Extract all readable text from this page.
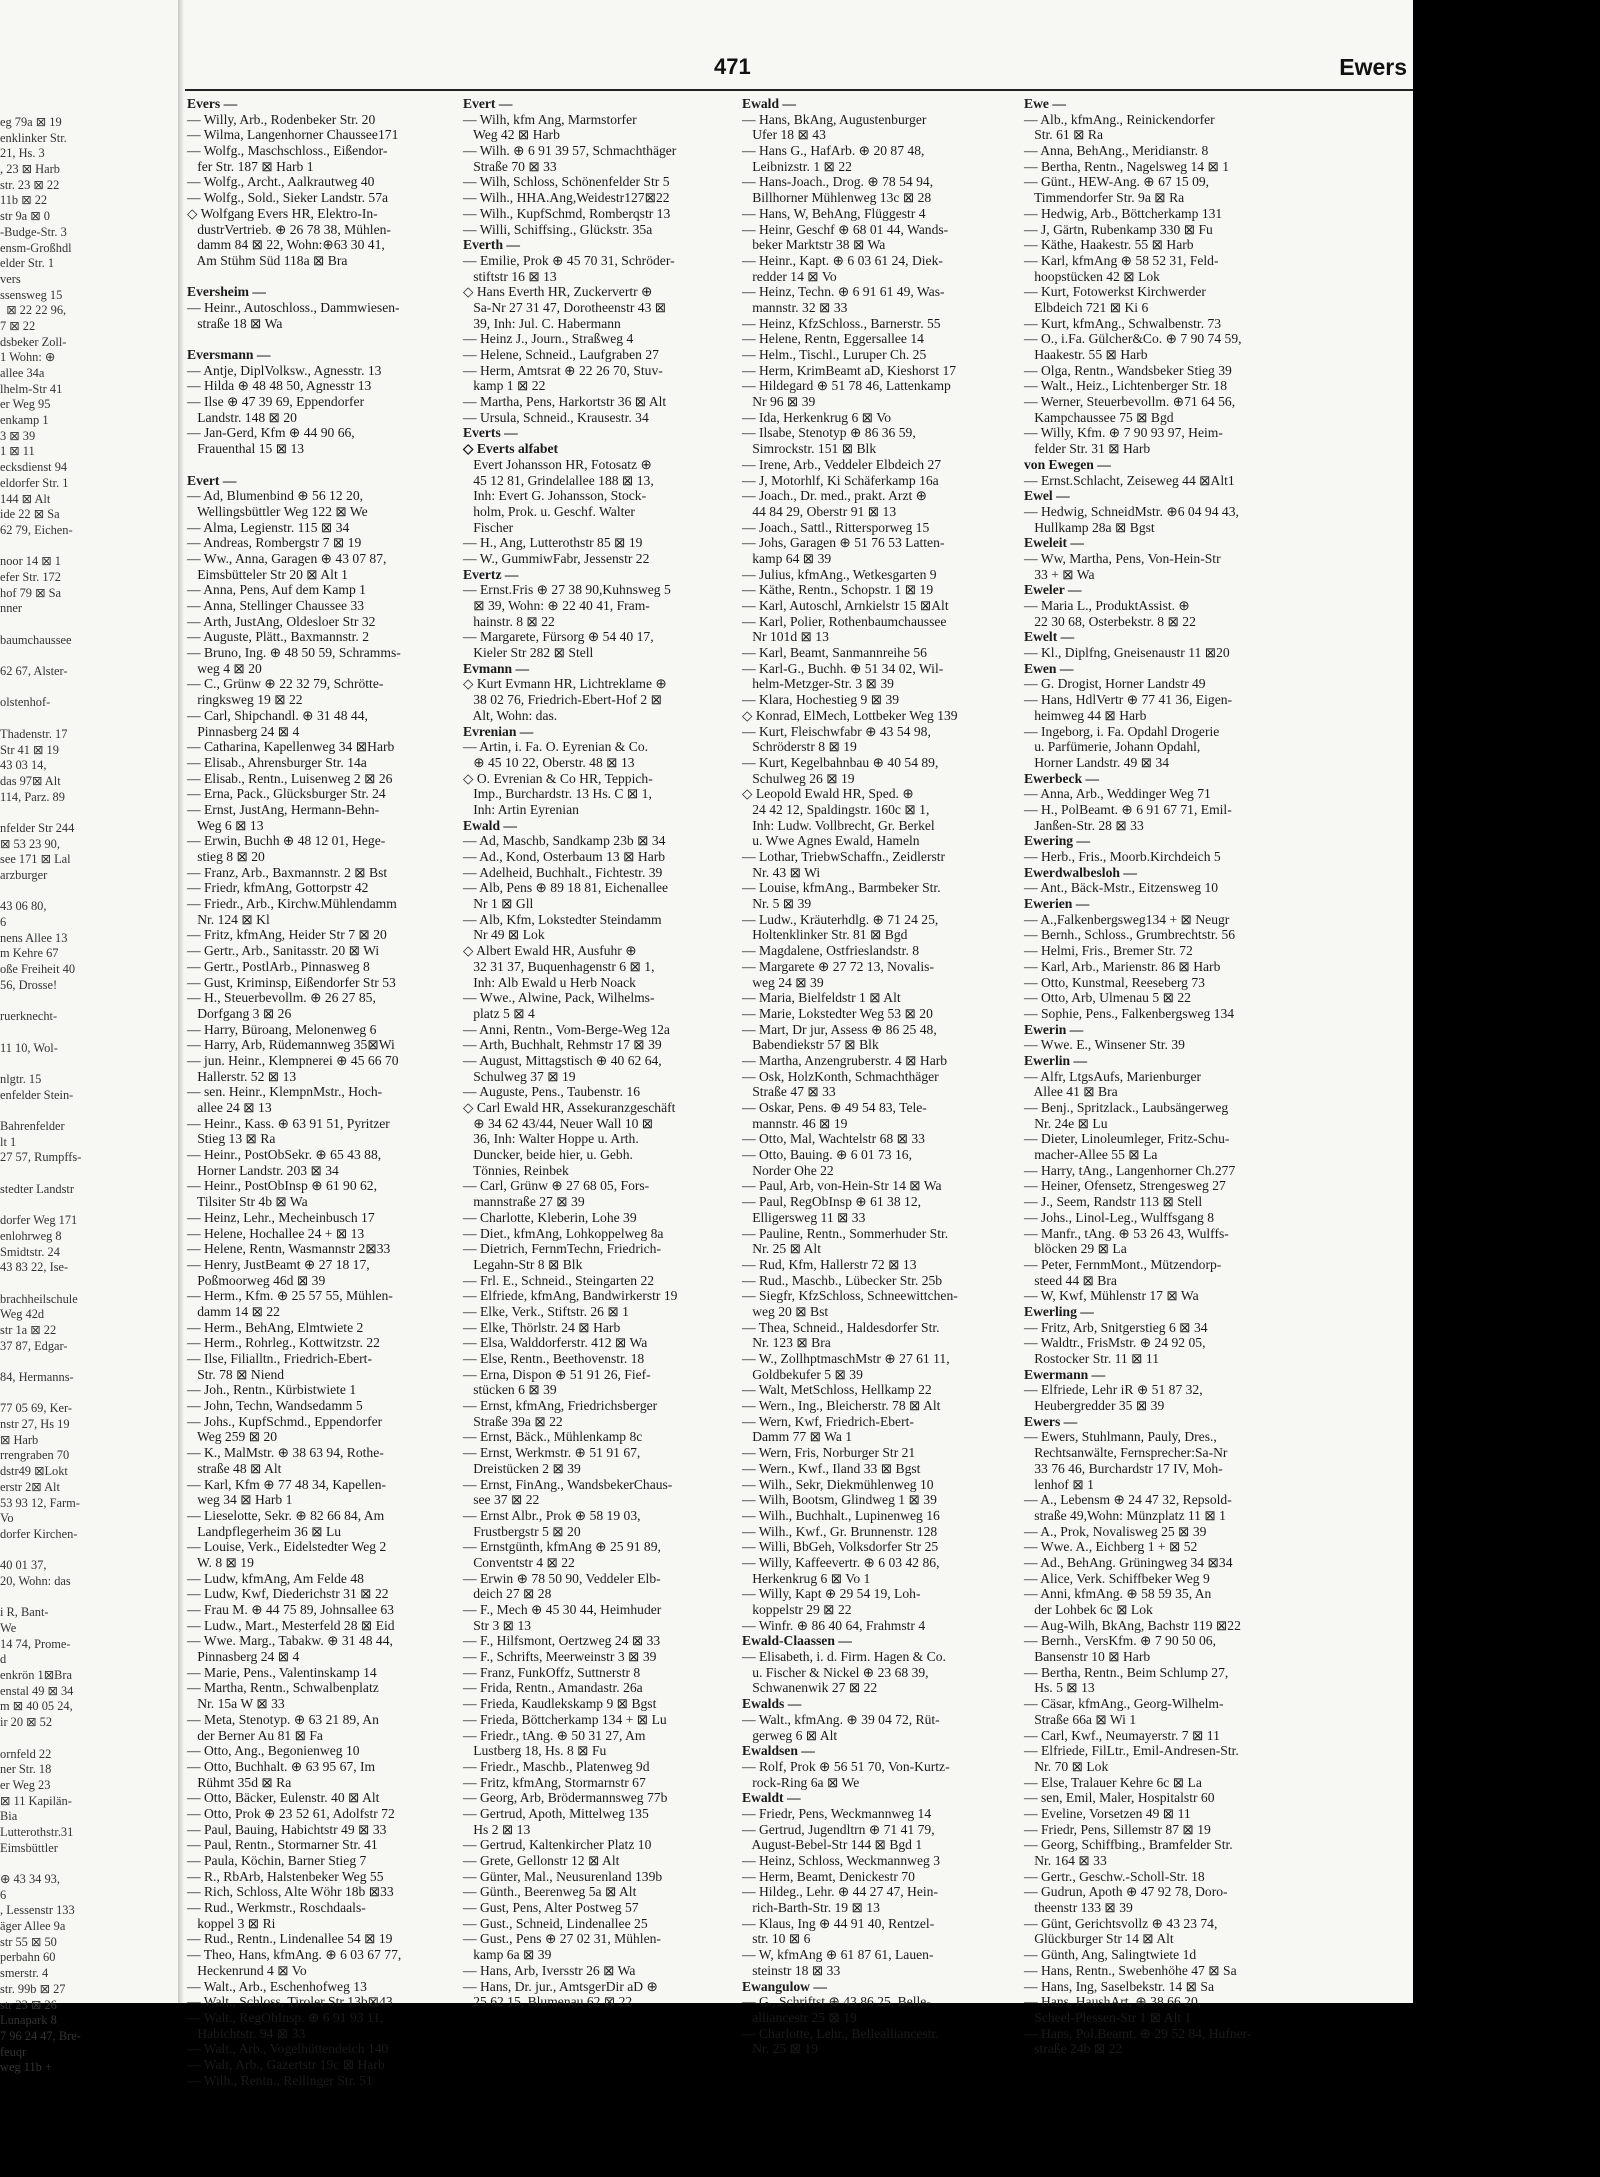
471	Ewers
eg 79a ⊠ 19
enklinker Str.
21, Hs. 3
, 23 ⊠ Harb
str. 23 ⊠ 22
11b ⊠ 22
str 9a ⊠ 0
-Budge-Str. 3
ensm-Großhdl
elder Str. 1
vers
ssensweg 15
⊠ 22 22 96,
7 ⊠ 22
dsbeker Zoll-
1 Wohn: ⊕
allee 34a
lhelm-Str 41
er Weg 95
enkamp 1
3 ⊠ 39
1 ⊠ 11
ecksdienst 94
eldorfer Str. 1
144 ⊠ Alt
ide 22 ⊠ Sa
62 79, Eichen-
noor 14 ⊠ 1
efer Str. 172
hof 79 ⊠ Sa
nner
baumchaussee
62 67, Alster-
olstenhof-
Thadenstr. 17
Str 41 ⊠ 19
43 03 14,
das 97⊠ Alt
114, Parz. 89
nfelder Str 244
⊠ 53 23 90,
see 171 ⊠ Lal
arzburger
43 06 80,
6
nens Allee 13
m Kehre 67
oße Freiheit 40
56, Drosse!
ruerknecht-
11 10, Wol-
nlgtr. 15
enfelder Stein-
Bahrenfelder
lt 1
27 57, Rumpffs-
stedter Landstr
dorfer Weg 171
enlohrweg 8
Smidtstr. 24
43 83 22, Ise-
brachheilschule
Weg 42d
str 1a ⊠ 22
37 87, Edgar-
84, Hermanns-
77 05 69, Ker-
nstr 27, Hs 19
⊠ Harb
rrengraben 70
dstr49 ⊠Lokt
erstr 2⊠ Alt
53 93 12, Farm-
Vo
dorfer Kirchen-
40 01 37,
20, Wohn: das
i R, Bant-
We
14 74, Prome-
d
enkrön 1⊠Bra
enstal 49 ⊠ 34
m ⊠ 40 05 24,
ir 20 ⊠ 52
ornfeld 22
ner Str. 18
er Weg 23
⊠ 11 Kapilän-
Bia
Lutterothstr.31
Eimsbüttler
⊕ 43 34 93,
6
, Lessenstr 133
äger Allee 9a
str 55 ⊠ 50
perbahn 60
smerstr. 4
str. 99b ⊠ 27
str 23 ⊠ 26
Lunapark 8
7 96 24 47, Bre-
feuqr
weg 11b +
Evers —
— Willy, Arb., Rodenbeker Str. 20
— Wilma, Langenhorner Chaussee171
— Wolfg., Maschschloss., Eißendor-
fer Str. 187 ⊠ Harb 1
— Wolfg., Archt., Aalkrautweg 40
— Wolfg., Sold., Sieker Landstr. 57a
◇ Wolfgang Evers HR, Elektro-In-
dustrVertrieb. ⊕ 26 78 38, Mühlen-
damm 84 ⊠ 22, Wohn:⊕63 30 41,
Am Stühm Süd 118a ⊠ Bra
Eversheim —
— Heinr., Autoschloss., Dammwiesen-
straße 18 ⊠ Wa
Eversmann —
— Antje, DiplVolksw., Agnesstr. 13
— Hilda ⊕ 48 48 50, Agnesstr 13
— Ilse ⊕ 47 39 69, Eppendorfer
Landstr. 148 ⊠ 20
— Jan-Gerd, Kfm ⊕ 44 90 66,
Frauenthal 15 ⊠ 13
Evert —
— Ad, Blumenbind ⊕ 56 12 20,
Wellingsbüttler Weg 122 ⊠ We
— Alma, Legienstr. 115 ⊠ 34
— Andreas, Rombergstr 7 ⊠ 19
— Ww., Anna, Garagen ⊕ 43 07 87,
Eimsbütteler Str 20 ⊠ Alt 1
— Anna, Pens, Auf dem Kamp 1
— Anna, Stellinger Chaussee 33
— Arth, JustAng, Oldesloer Str 32
— Auguste, Plätt., Baxmannstr. 2
— Bruno, Ing. ⊕ 48 50 59, Schramms-
weg 4 ⊠ 20
— C., Grünw ⊕ 22 32 79, Schrötte-
ringksweg 19 ⊠ 22
— Carl, Shipchandl. ⊕ 31 48 44,
Pinnasberg 24 ⊠ 4
— Catharina, Kapellenweg 34 ⊠Harb
— Elisab., Ahrensburger Str. 14a
— Elisab., Rentn., Luisenweg 2 ⊠ 26
— Erna, Pack., Glücksburger Str. 24
— Ernst, JustAng, Hermann-Behn-
Weg 6 ⊠ 13
— Erwin, Buchh ⊕ 48 12 01, Hege-
stieg 8 ⊠ 20
— Franz, Arb., Baxmannstr. 2 ⊠ Bst
— Friedr, kfmAng, Gottorpstr 42
— Friedr., Arb., Kirchw.Mühlendamm
Nr. 124 ⊠ Kl
— Fritz, kfmAng, Heider Str 7 ⊠ 20
— Gertr., Arb., Sanitasstr. 20 ⊠ Wi
— Gertr., PostlArb., Pinnasweg 8
— Gust, Kriminsp, Eißendorfer Str 53
— H., Steuerbevollm. ⊕ 26 27 85,
Dorfgang 3 ⊠ 26
— Harry, Büroang, Melonenweg 6
— Harry, Arb, Rüdemannweg 35⊠Wi
— jun. Heinr., Klempnerei ⊕ 45 66 70
Hallerstr. 52 ⊠ 13
— sen. Heinr., KlempnMstr., Hoch-
allee 24 ⊠ 13
— Heinr., Kass. ⊕ 63 91 51, Pyritzer
Stieg 13 ⊠ Ra
— Heinr., PostObSekr. ⊕ 65 43 88,
Horner Landstr. 203 ⊠ 34
— Heinr., PostObInsp ⊕ 61 90 62,
Tilsiter Str 4b ⊠ Wa
— Heinz, Lehr., Mecheinbusch 17
— Helene, Hochallee 24 + ⊠ 13
— Helene, Rentn, Wasmannstr 2⊠33
— Henry, JustBeamt ⊕ 27 18 17,
Poßmoorweg 46d ⊠ 39
— Herm., Kfm. ⊕ 25 57 55, Mühlen-
damm 14 ⊠ 22
— Herm., BehAng, Elmtwiete 2
— Herm., Rohrleg., Kottwitzstr. 22
— Ilse, Filialltn., Friedrich-Ebert-
Str. 78 ⊠ Niend
— Joh., Rentn., Kürbistwiete 1
— John, Techn, Wandsedamm 5
— Johs., KupfSchmd., Eppendorfer
Weg 259 ⊠ 20
— K., MalMstr. ⊕ 38 63 94, Rothe-
straße 48 ⊠ Alt
— Karl, Kfm ⊕ 77 48 34, Kapellen-
weg 34 ⊠ Harb 1
— Lieselotte, Sekr. ⊕ 82 66 84, Am
Landpflegerheim 36 ⊠ Lu
— Louise, Verk., Eidelstedter Weg 2
W. 8 ⊠ 19
— Ludw, kfmAng, Am Felde 48
— Ludw, Kwf, Diederichstr 31 ⊠ 22
— Frau M. ⊕ 44 75 89, Johnsallee 63
— Ludw., Mart., Mesterfeld 28 ⊠ Eid
— Wwe. Marg., Tabakw. ⊕ 31 48 44,
Pinnasberg 24 ⊠ 4
— Marie, Pens., Valentinskamp 14
— Martha, Rentn., Schwalbenplatz
Nr. 15a W ⊠ 33
— Meta, Stenotyp. ⊕ 63 21 89, An
der Berner Au 81 ⊠ Fa
— Otto, Ang., Begonienweg 10
— Otto, Buchhalt. ⊕ 63 95 67, Im
Rühmt 35d ⊠ Ra
— Otto, Bäcker, Eulenstr. 40 ⊠ Alt
— Otto, Prok ⊕ 23 52 61, Adolfstr 72
— Paul, Bauing, Habichtstr 49 ⊠ 33
— Paul, Rentn., Stormarner Str. 41
— Paula, Köchin, Barner Stieg 7
— R., RbArb, Halstenbeker Weg 55
— Rich, Schloss, Alte Wöhr 18b ⊠33
— Rud., Werkmstr., Roschdaals-
koppel 3 ⊠ Ri
— Rud., Rentn., Lindenallee 54 ⊠ 19
— Theo, Hans, kfmAng. ⊕ 6 03 67 77,
Heckenrund 4 ⊠ Vo
— Walt., Arb., Eschenhofweg 13
— Walt., Schloss, Tiroler Str 13b⊠43
— Walt., RegObInsp. ⊕ 6 91 93 11,
Habichtstr. 94 ⊠ 33
— Walt., Arb., Vogelhüttendeich 140
— Walt, Arb., Gazertstr 19c ⊠ Harb
— Wilh., Rentn., Rellinger Str. 51
Evert —
— Wilh, kfm Ang, Marmstorfer
Weg 42 ⊠ Harb
— Wilh. ⊕ 6 91 39 57, Schmachthäger
Straße 70 ⊠ 33
— Wilh, Schloss, Schönenfelder Str 5
— Wilh., HHA.Ang,Weidestr127⊠22
— Wilh., KupfSchmd, Romberqstr 13
— Willi, Schiffsing., Glückstr. 35a
Everth —
— Emilie, Prok ⊕ 45 70 31, Schröder-
stiftstr 16 ⊠ 13
◇ Hans Everth HR, Zuckervertr ⊕
Sa-Nr 27 31 47, Dorotheenstr 43 ⊠
39, Inh: Jul. C. Habermann
— Heinz J., Journ., Straßweg 4
— Helene, Schneid., Laufgraben 27
— Herm, Amtsrat ⊕ 22 26 70, Stuv-
kamp 1 ⊠ 22
— Martha, Pens, Harkortstr 36 ⊠ Alt
— Ursula, Schneid., Krausestr. 34
Everts —
◇ Everts alfabet
Evert Johansson HR, Fotosatz ⊕
45 12 81, Grindelallee 188 ⊠ 13,
Inh: Evert G. Johansson, Stock-
holm, Prok. u. Geschf. Walter
Fischer
— H., Ang, Lutterothstr 85 ⊠ 19
— W., GummiwFabr, Jessenstr 22
Evertz —
— Ernst.Fris ⊕ 27 38 90,Kuhnsweg 5
⊠ 39, Wohn: ⊕ 22 40 41, Fram-
hainstr. 8 ⊠ 22
— Margarete, Fürsorg ⊕ 54 40 17,
Kieler Str 282 ⊠ Stell
Evmann —
◇ Kurt Evmann HR, Lichtreklame ⊕
38 02 76, Friedrich-Ebert-Hof 2 ⊠
Alt, Wohn: das.
Evrenian —
— Artin, i. Fa. O. Eyrenian & Co.
⊕ 45 10 22, Oberstr. 48 ⊠ 13
◇ O. Evrenian & Co HR, Teppich-
Imp., Burchardstr. 13 Hs. C ⊠ 1,
Inh: Artin Eyrenian
Ewald —
— Ad, Maschb, Sandkamp 23b ⊠ 34
— Ad., Kond, Osterbaum 13 ⊠ Harb
— Adelheid, Buchhalt., Fichtestr. 39
— Alb, Pens ⊕ 89 18 81, Eichenallee
Nr 1 ⊠ Gll
— Alb, Kfm, Lokstedter Steindamm
Nr 49 ⊠ Lok
◇ Albert Ewald HR, Ausfuhr ⊕
32 31 37, Buquenhagenstr 6 ⊠ 1,
Inh: Alb Ewald u Herb Noack
— Wwe., Alwine, Pack, Wilhelms-
platz 5 ⊠ 4
— Anni, Rentn., Vom-Berge-Weg 12a
— Arth, Buchhalt, Rehmstr 17 ⊠ 39
— August, Mittagstisch ⊕ 40 62 64,
Schulweg 37 ⊠ 19
— Auguste, Pens., Taubenstr. 16
◇ Carl Ewald HR, Assekuranzgeschäft
⊕ 34 62 43/44, Neuer Wall 10 ⊠
36, Inh: Walter Hoppe u. Arth.
Duncker, beide hier, u. Gebh.
Tönnies, Reinbek
— Carl, Grünw ⊕ 27 68 05, Fors-
mannstraße 27 ⊠ 39
— Charlotte, Kleberin, Lohe 39
— Diet., kfmAng, Lohkoppelweg 8a
— Dietrich, FernmTechn, Friedrich-
Legahn-Str 8 ⊠ Blk
— Frl. E., Schneid., Steingarten 22
— Elfriede, kfmAng, Bandwirkerstr 19
— Elke, Verk., Stiftstr. 26 ⊠ 1
— Elke, Thörlstr. 24 ⊠ Harb
— Elsa, Walddorferstr. 412 ⊠ Wa
— Else, Rentn., Beethovenstr. 18
— Erna, Dispon ⊕ 51 91 26, Fief-
stücken 6 ⊠ 39
— Ernst, kfmAng, Friedrichsberger
Straße 39a ⊠ 22
— Ernst, Bäck., Mühlenkamp 8c
— Ernst, Werkmstr. ⊕ 51 91 67,
Dreistücken 2 ⊠ 39
— Ernst, FinAng., WandsbekerChaus-
see 37 ⊠ 22
— Ernst Albr., Prok ⊕ 58 19 03,
Frustbergstr 5 ⊠ 20
— Ernstgünth, kfmAng ⊕ 25 91 89,
Conventstr 4 ⊠ 22
— Erwin ⊕ 78 50 90, Veddeler Elb-
deich 27 ⊠ 28
— F., Mech ⊕ 45 30 44, Heimhuder
Str 3 ⊠ 13
— F., Hilfsmont, Oertzweg 24 ⊠ 33
— F., Schrifts, Meerweinstr 3 ⊠ 39
— Franz, FunkOffz, Suttnerstr 8
— Frida, Rentn., Amandastr. 26a
— Frieda, Kaudlekskamp 9 ⊠ Bgst
— Frieda, Böttcherkamp 134 + ⊠ Lu
— Friedr., tAng. ⊕ 50 31 27, Am
Lustberg 18, Hs. 8 ⊠ Fu
— Friedr., Maschb., Platenweg 9d
— Fritz, kfmAng, Stormarnstr 67
— Georg, Arb, Brödermannsweg 77b
— Gertrud, Apoth, Mittelweg 135
Hs 2 ⊠ 13
— Gertrud, Kaltenkircher Platz 10
— Grete, Gellonstr 12 ⊠ Alt
— Günter, Mal., Neusurenland 139b
— Günth., Beerenweg 5a ⊠ Alt
— Gust, Pens, Alter Postweg 57
— Gust., Schneid, Lindenallee 25
— Gust., Pens ⊕ 27 02 31, Mühlen-
kamp 6a ⊠ 39
— Hans, Arb, Iversstr 26 ⊠ Wa
— Hans, Dr. jur., AmtsgerDir aD ⊕
25 62 15, Blumenau 62 ⊠ 22
Ewald —
— Hans, BkAng, Augustenburger
Ufer 18 ⊠ 43
— Hans G., HafArb. ⊕ 20 87 48,
Leibnizstr. 1 ⊠ 22
— Hans-Joach., Drog. ⊕ 78 54 94,
Billhorner Mühlenweg 13c ⊠ 28
— Hans, W, BehAng, Flüggestr 4
— Heinr, Geschf ⊕ 68 01 44, Wands-
beker Marktstr 38 ⊠ Wa
— Heinr., Kapt. ⊕ 6 03 61 24, Diek-
redder 14 ⊠ Vo
— Heinz, Techn. ⊕ 6 91 61 49, Was-
mannstr. 32 ⊠ 33
— Heinz, KfzSchloss., Barnerstr. 55
— Helene, Rentn, Eggersallee 14
— Helm., Tischl., Luruper Ch. 25
— Herm, KrimBeamt aD, Kieshorst 17
— Hildegard ⊕ 51 78 46, Lattenkamp
Nr 96 ⊠ 39
— Ida, Herkenkrug 6 ⊠ Vo
— Ilsabe, Stenotyp ⊕ 86 36 59,
Simrockstr. 151 ⊠ Blk
— Irene, Arb., Veddeler Elbdeich 27
— J, Motorhlf, Ki Schäferkamp 16a
— Joach., Dr. med., prakt. Arzt ⊕
44 84 29, Oberstr 91 ⊠ 13
— Joach., Sattl., Rittersporweg 15
— Johs, Garagen ⊕ 51 76 53 Latten-
kamp 64 ⊠ 39
— Julius, kfmAng., Wetkesgarten 9
— Käthe, Rentn., Schopstr. 1 ⊠ 19
— Karl, Autoschl, Arnkielstr 15 ⊠Alt
— Karl, Polier, Rothenbaumchaussee
Nr 101d ⊠ 13
— Karl, Beamt, Sanmannreihe 56
— Karl-G., Buchh. ⊕ 51 34 02, Wil-
helm-Metzger-Str. 3 ⊠ 39
— Klara, Hochestieg 9 ⊠ 39
◇ Konrad, ElMech, Lottbeker Weg 139
— Kurt, Fleischwfabr ⊕ 43 54 98,
Schröderstr 8 ⊠ 19
— Kurt, Kegelbahnbau ⊕ 40 54 89,
Schulweg 26 ⊠ 19
◇ Leopold Ewald HR, Sped. ⊕
24 42 12, Spaldingstr. 160c ⊠ 1,
Inh: Ludw. Vollbrecht, Gr. Berkel
u. Wwe Agnes Ewald, Hameln
— Lothar, TriebwSchaffn., Zeidlerstr
Nr. 43 ⊠ Wi
— Louise, kfmAng., Barmbeker Str.
Nr. 5 ⊠ 39
— Ludw., Kräuterhdlg. ⊕ 71 24 25,
Holtenklinker Str. 81 ⊠ Bgd
— Magdalene, Ostfrieslandstr. 8
— Margarete ⊕ 27 72 13, Novalis-
weg 24 ⊠ 39
— Maria, Bielfeldstr 1 ⊠ Alt
— Marie, Lokstedter Weg 53 ⊠ 20
— Mart, Dr jur, Assess ⊕ 86 25 48,
Babendiekstr 57 ⊠ Blk
— Martha, Anzengruberstr. 4 ⊠ Harb
— Osk, HolzKonth, Schmachthäger
Straße 47 ⊠ 33
— Oskar, Pens. ⊕ 49 54 83, Tele-
mannstr. 46 ⊠ 19
— Otto, Mal, Wachtelstr 68 ⊠ 33
— Otto, Bauing. ⊕ 6 01 73 16,
Norder Ohe 22
— Paul, Arb, von-Hein-Str 14 ⊠ Wa
— Paul, RegObInsp ⊕ 61 38 12,
Elligersweg 11 ⊠ 33
— Pauline, Rentn., Sommerhuder Str.
Nr. 25 ⊠ Alt
— Rud, Kfm, Hallerstr 72 ⊠ 13
— Rud., Maschb., Lübecker Str. 25b
— Siegfr, KfzSchloss, Schneewittchen-
weg 20 ⊠ Bst
— Thea, Schneid., Haldesdorfer Str.
Nr. 123 ⊠ Bra
— W., ZollhptmaschMstr ⊕ 27 61 11,
Goldbekufer 5 ⊠ 39
— Walt, MetSchloss, Hellkamp 22
— Wern., Ing., Bleicherstr. 78 ⊠ Alt
— Wern, Kwf, Friedrich-Ebert-
Damm 77 ⊠ Wa 1
— Wern, Fris, Norburger Str 21
— Wern., Kwf., Iland 33 ⊠ Bgst
— Wilh., Sekr, Diekmühlenweg 10
— Wilh, Bootsm, Glindweg 1 ⊠ 39
— Wilh., Buchhalt., Lupinenweg 16
— Wilh., Kwf., Gr. Brunnenstr. 128
— Willi, BbGeh, Volksdorfer Str 25
— Willy, Kaffeevertr. ⊕ 6 03 42 86,
Herkenkrug 6 ⊠ Vo 1
— Willy, Kapt ⊕ 29 54 19, Loh-
koppelstr 29 ⊠ 22
— Winfr. ⊕ 86 40 64, Frahmstr 4
Ewald-Claassen —
— Elisabeth, i. d. Firm. Hagen & Co.
u. Fischer & Nickel ⊕ 23 68 39,
Schwanenwik 27 ⊠ 22
Ewalds —
— Walt., kfmAng. ⊕ 39 04 72, Rüt-
gerweg 6 ⊠ Alt
Ewaldsen —
— Rolf, Prok ⊕ 56 51 70, Von-Kurtz-
rock-Ring 6a ⊠ We
Ewaldt —
— Friedr, Pens, Weckmannweg 14
— Gertrud, Jugendltrn ⊕ 71 41 79,
August-Bebel-Str 144 ⊠ Bgd 1
— Heinz, Schloss, Weckmannweg 3
— Herm, Beamt, Denickestr 70
— Hildeg., Lehr. ⊕ 44 27 47, Hein-
rich-Barth-Str. 19 ⊠ 13
— Klaus, Ing ⊕ 44 91 40, Rentzel-
str. 10 ⊠ 6
— W, kfmAng ⊕ 61 87 61, Lauen-
steinstr 18 ⊠ 33
Ewangulow —
— G., Schriftst ⊕ 43 86 25, Belle-
alliancestr 25 ⊠ 19
— Charlotte, Lehr., Bellealliancestr.
Nr. 25 ⊠ 19
Ewe —
— Alb., kfmAng., Reinickendorfer
Str. 61 ⊠ Ra
— Anna, BehAng., Meridianstr. 8
— Bertha, Rentn., Nagelsweg 14 ⊠ 1
— Günt., HEW-Ang. ⊕ 67 15 09,
Timmendorfer Str. 9a ⊠ Ra
— Hedwig, Arb., Böttcherkamp 131
— J, Gärtn, Rubenkamp 330 ⊠ Fu
— Käthe, Haakestr. 55 ⊠ Harb
— Karl, kfmAng ⊕ 58 52 31, Feld-
hoopstücken 42 ⊠ Lok
— Kurt, Fotowerkst Kirchwerder
Elbdeich 721 ⊠ Ki 6
— Kurt, kfmAng., Schwalbenstr. 73
— O., i.Fa. Gülcher&Co. ⊕ 7 90 74 59,
Haakestr. 55 ⊠ Harb
— Olga, Rentn., Wandsbeker Stieg 39
— Walt., Heiz., Lichtenberger Str. 18
— Werner, Steuerbevollm. ⊕71 64 56,
Kampchaussee 75 ⊠ Bgd
— Willy, Kfm. ⊕ 7 90 93 97, Heim-
felder Str. 31 ⊠ Harb
von Ewegen —
— Ernst.Schlacht, Zeiseweg 44 ⊠Alt1
Ewel —
— Hedwig, SchneidMstr. ⊕6 04 94 43,
Hullkamp 28a ⊠ Bgst
Eweleit —
— Ww, Martha, Pens, Von-Hein-Str
33 + ⊠ Wa
Eweler —
— Maria L., ProduktAssist. ⊕
22 30 68, Osterbekstr. 8 ⊠ 22
Ewelt —
— Kl., Diplfng, Gneisenaustr 11 ⊠20
Ewen —
— G. Drogist, Horner Landstr 49
— Hans, HdlVertr ⊕ 77 41 36, Eigen-
heimweg 44 ⊠ Harb
— Ingeborg, i. Fa. Opdahl Drogerie
u. Parfümerie, Johann Opdahl,
Horner Landstr. 49 ⊠ 34
Ewerbeck —
— Anna, Arb., Weddinger Weg 71
— H., PolBeamt. ⊕ 6 91 67 71, Emil-
Janßen-Str. 28 ⊠ 33
Ewering —
— Herb., Fris., Moorb.Kirchdeich 5
Ewerdwalbesloh —
— Ant., Bäck-Mstr., Eitzensweg 10
Ewerien —
— A.,Falkenbergsweg134 + ⊠ Neugr
— Bernh., Schloss., Grumbrechtstr. 56
— Helmi, Fris., Bremer Str. 72
— Karl, Arb., Marienstr. 86 ⊠ Harb
— Otto, Kunstmal, Reeseberg 73
— Otto, Arb, Ulmenau 5 ⊠ 22
— Sophie, Pens., Falkenbergsweg 134
Ewerin —
— Wwe. E., Winsener Str. 39
Ewerlin —
— Alfr, LtgsAufs, Marienburger
Allee 41 ⊠ Bra
— Benj., Spritzlack., Laubsängerweg
Nr. 24e ⊠ Lu
— Dieter, Linoleumleger, Fritz-Schu-
macher-Allee 55 ⊠ La
— Harry, tAng., Langenhorner Ch.277
— Heiner, Ofensetz, Strengesweg 27
— J., Seem, Randstr 113 ⊠ Stell
— Johs., Linol-Leg., Wulffsgang 8
— Manfr., tAng. ⊕ 53 26 43, Wulffs-
blöcken 29 ⊠ La
— Peter, FernmMont., Mützendorp-
steed 44 ⊠ Bra
— W, Kwf, Mühlenstr 17 ⊠ Wa
Ewerling —
— Fritz, Arb, Snitgerstieg 6 ⊠ 34
— Waldtr., FrisMstr. ⊕ 24 92 05,
Rostocker Str. 11 ⊠ 11
Ewermann —
— Elfriede, Lehr iR ⊕ 51 87 32,
Heubergredder 35 ⊠ 39
Ewers —
— Ewers, Stuhlmann, Pauly, Dres.,
Rechtsanwälte, Fernsprecher:Sa-Nr
33 76 46, Burchardstr 17 IV, Moh-
lenhof ⊠ 1
— A., Lebensm ⊕ 24 47 32, Repsold-
straße 49,Wohn: Münzplatz 11 ⊠ 1
— A., Prok, Novalisweg 25 ⊠ 39
— Wwe. A., Eichberg 1 + ⊠ 52
— Ad., BehAng. Grüningweg 34 ⊠34
— Alice, Verk. Schiffbeker Weg 9
— Anni, kfmAng. ⊕ 58 59 35, An
der Lohbek 6c ⊠ Lok
— Aug-Wilh, BkAng, Bachstr 119 ⊠22
— Bernh., VersKfm. ⊕ 7 90 50 06,
Bansenstr 10 ⊠ Harb
— Bertha, Rentn., Beim Schlump 27,
Hs. 5 ⊠ 13
— Cäsar, kfmAng., Georg-Wilhelm-
Straße 66a ⊠ Wi 1
— Carl, Kwf., Neumayerstr. 7 ⊠ 11
— Elfriede, FilLtr., Emil-Andresen-Str.
Nr. 70 ⊠ Lok
— Else, Tralauer Kehre 6c ⊠ La
— sen, Emil, Maler, Hospitalstr 60
— Eveline, Vorsetzen 49 ⊠ 11
— Friedr, Pens, Sillemstr 87 ⊠ 19
— Georg, Schiffbing., Bramfelder Str.
Nr. 164 ⊠ 33
— Gertr., Geschw.-Scholl-Str. 18
— Gudrun, Apoth ⊕ 47 92 78, Doro-
theenstr 133 ⊠ 39
— Günt, Gerichtsvollz ⊕ 43 23 74,
Glückburger Str 14 ⊠ Alt
— Günth, Ang, Salingtwiete 1d
— Hans, Rentn., Swebenhöhe 47 ⊠ Sa
— Hans, Ing, Saselbekstr. 14 ⊠ Sa
— Hans, HaushArt, ⊕ 38 66 20,
Scheel-Plessen-Str 1 ⊠ Alt 1
— Hans, Pol.Beamt. ⊕ 29 52 84, Hufner-
straße 24b ⊠ 22
